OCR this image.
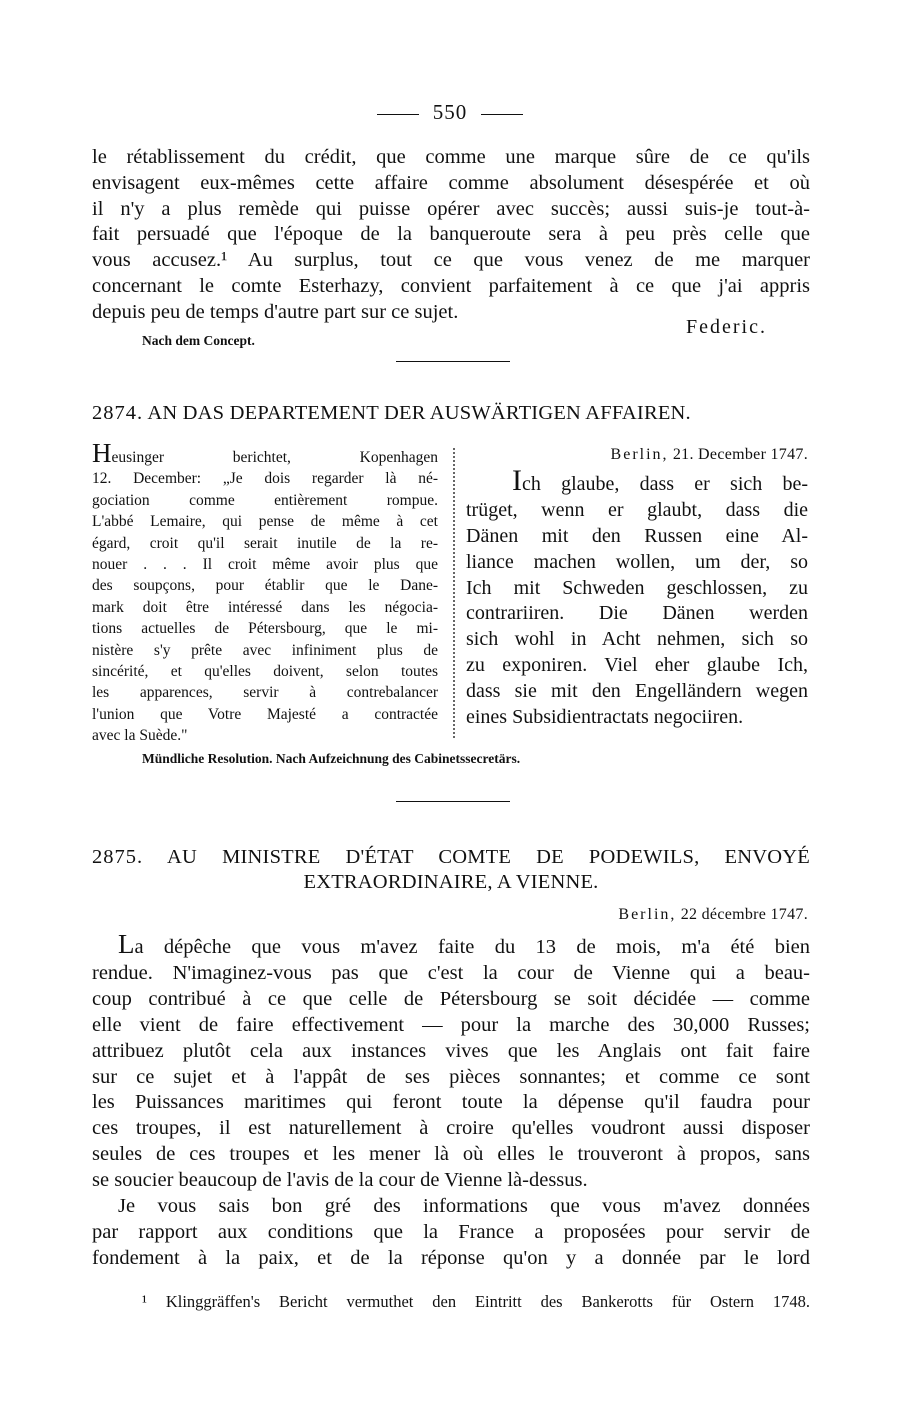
550
le rétablissement du crédit, que comme une marque sûre de ce qu'ils
envisagent eux-mêmes cette affaire comme absolument désespérée et où
il n'y a plus remède qui puisse opérer avec succès; aussi suis-je tout-à-
fait persuadé que l'époque de la banqueroute sera à peu près celle que
vous accusez.¹ Au surplus, tout ce que vous venez de me marquer
concernant le comte Esterhazy, convient parfaitement à ce que j'ai appris
depuis peu de temps d'autre part sur ce sujet.
Federic.
Nach dem Concept.
2874. AN DAS DEPARTEMENT DER AUSWÄRTIGEN AFFAIREN.
Heusinger berichtet, Kopenhagen
12. December: „Je dois regarder là né-
gociation comme entièrement rompue.
L'abbé Lemaire, qui pense de même à cet
égard, croit qu'il serait inutile de la re-
nouer . . . Il croit même avoir plus que
des soupçons, pour établir que le Dane-
mark doit être intéressé dans les négocia-
tions actuelles de Pétersbourg, que le mi-
nistère s'y prête avec infiniment plus de
sincérité, et qu'elles doivent, selon toutes
les apparences, servir à contrebalancer
l'union que Votre Majesté a contractée
avec la Suède."
Berlin, 21. December 1747.
Ich glaube, dass er sich be-
trüget, wenn er glaubt, dass die
Dänen mit den Russen eine Al-
liance machen wollen, um der, so
Ich mit Schweden geschlossen, zu
contrariiren. Die Dänen werden
sich wohl in Acht nehmen, sich so
zu exponiren. Viel eher glaube Ich,
dass sie mit den Engelländern wegen
eines Subsidientractats negociiren.
Mündliche Resolution. Nach Aufzeichnung des Cabinetssecretärs.
2875. AU MINISTRE D'ÉTAT COMTE DE PODEWILS, ENVOYÉ
EXTRAORDINAIRE, A VIENNE.
Berlin, 22 décembre 1747.
La dépêche que vous m'avez faite du 13 de mois, m'a été bien
rendue. N'imaginez-vous pas que c'est la cour de Vienne qui a beau-
coup contribué à ce que celle de Pétersbourg se soit décidée — comme
elle vient de faire effectivement — pour la marche des 30,000 Russes;
attribuez plutôt cela aux instances vives que les Anglais ont fait faire
sur ce sujet et à l'appât de ses pièces sonnantes; et comme ce sont
les Puissances maritimes qui feront toute la dépense qu'il faudra pour
ces troupes, il est naturellement à croire qu'elles voudront aussi disposer
seules de ces troupes et les mener là où elles le trouveront à propos, sans
se soucier beaucoup de l'avis de la cour de Vienne là-dessus.
Je vous sais bon gré des informations que vous m'avez données
par rapport aux conditions que la France a proposées pour servir de
fondement à la paix, et de la réponse qu'on y a donnée par le lord
¹ Klinggräffen's Bericht vermuthet den Eintritt des Bankerotts für Ostern 1748.
